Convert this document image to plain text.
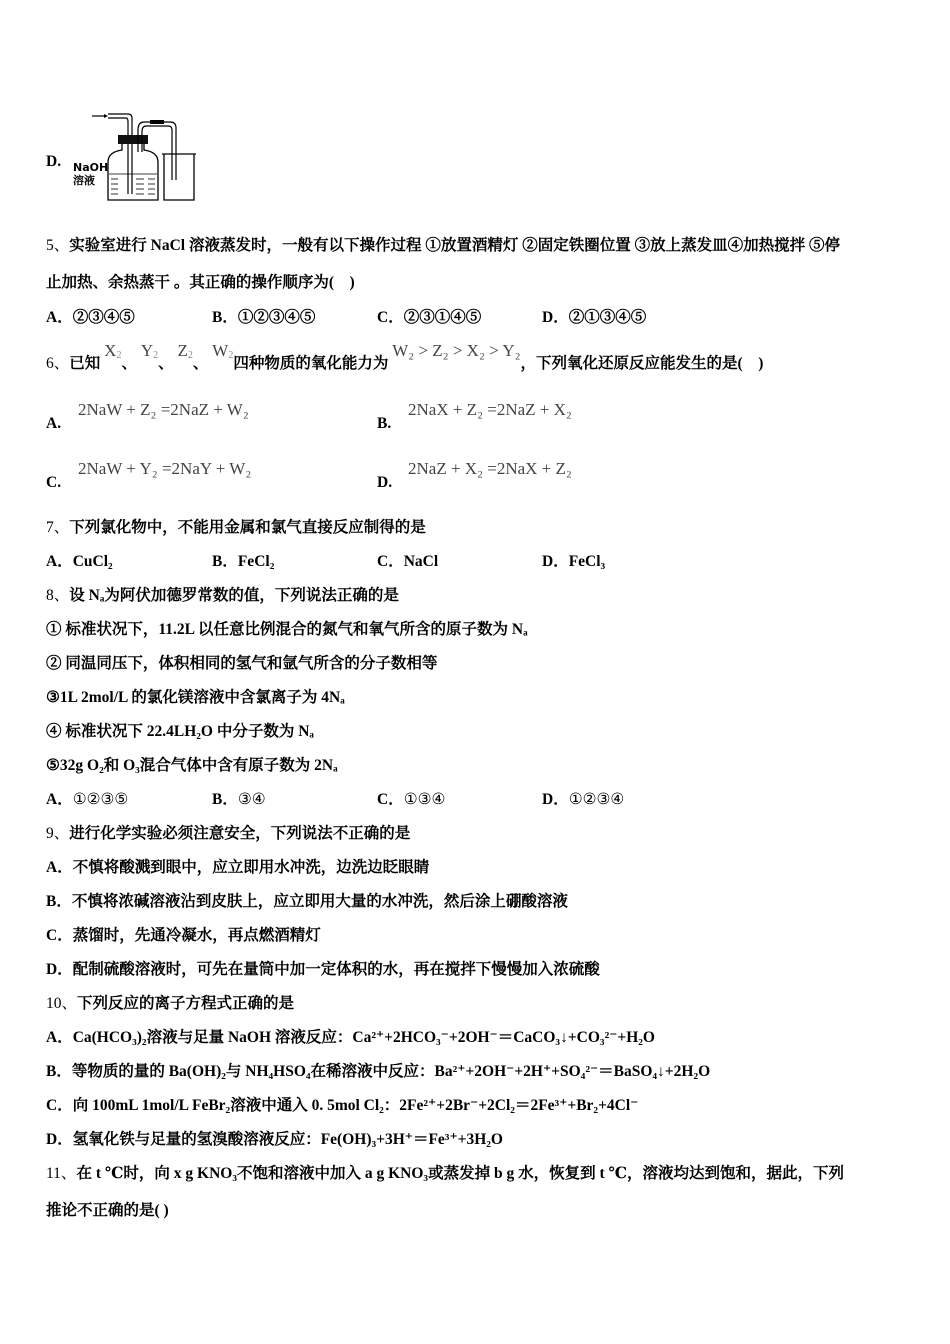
D. NaOH
溶液
5、实验室进行 NaCl 溶液蒸发时，一般有以下操作过程 ①放置酒精灯 ②固定铁圈位置 ③放上蒸发皿④加热搅拌 ⑤停
止加热、余热蒸干 。其正确的操作顺序为(　)
A．②③④⑤	B．①②③④⑤	C．②③①④⑤	D．②①③④⑤
6、已知 $X_2$、 $Y_2$、 $Z_2$、 $W_2$四种物质的氧化能力为 W₂ > Z₂ > X₂ > Y₂，下列氧化还原反应能发生的是(　)
A.
2NaW + Z₂ =2NaZ + W₂
B.
2NaX + Z₂ =2NaZ + X₂
C.
2NaW + Y₂ =2NaY + W₂
D.
2NaZ + X₂ =2NaX + Z₂
7、下列氯化物中，不能用金属和氯气直接反应制得的是
A．CuCl₂	B．FeCl₂	C．NaCl	D．FeCl₃
8、设 Nₐ为阿伏加德罗常数的值，下列说法正确的是
① 标准状况下，11.2L 以任意比例混合的氮气和氧气所含的原子数为 Nₐ
② 同温同压下，体积相同的氢气和氩气所含的分子数相等
③1L 2mol/L 的氯化镁溶液中含氯离子为 4Nₐ
④ 标准状况下 22.4LH₂O 中分子数为 Nₐ
⑤32g O₂和 O₃混合气体中含有原子数为 2Nₐ
A．①②③⑤	B．③④	C．①③④	D．①②③④
9、进行化学实验必须注意安全，下列说法不正确的是
A．不慎将酸溅到眼中，应立即用水冲洗，边洗边眨眼睛
B．不慎将浓碱溶液沾到皮肤上，应立即用大量的水冲洗，然后涂上硼酸溶液
C．蒸馏时，先通冷凝水，再点燃酒精灯
D．配制硫酸溶液时，可先在量筒中加一定体积的水，再在搅拌下慢慢加入浓硫酸
10、下列反应的离子方程式正确的是
A．Ca(HCO₃)₂溶液与足量 NaOH 溶液反应：Ca²⁺+2HCO₃⁻+2OH⁻＝CaCO₃↓+CO₃²⁻+H₂O
B．等物质的量的 Ba(OH)₂与 NH₄HSO₄在稀溶液中反应：Ba²⁺+2OH⁻+2H⁺+SO₄²⁻＝BaSO₄↓+2H₂O
C．向 100mL 1mol/L FeBr₂溶液中通入 0. 5mol Cl₂：2Fe²⁺+2Br⁻+2Cl₂＝2Fe³⁺+Br₂+4Cl⁻
D．氢氧化铁与足量的氢溴酸溶液反应：Fe(OH)₃+3H⁺＝Fe³⁺+3H₂O
11、在 t ℃时，向 x g KNO₃不饱和溶液中加入 a g KNO₃或蒸发掉 b g 水，恢复到 t ℃，溶液均达到饱和，据此，下列
推论不正确的是( )
